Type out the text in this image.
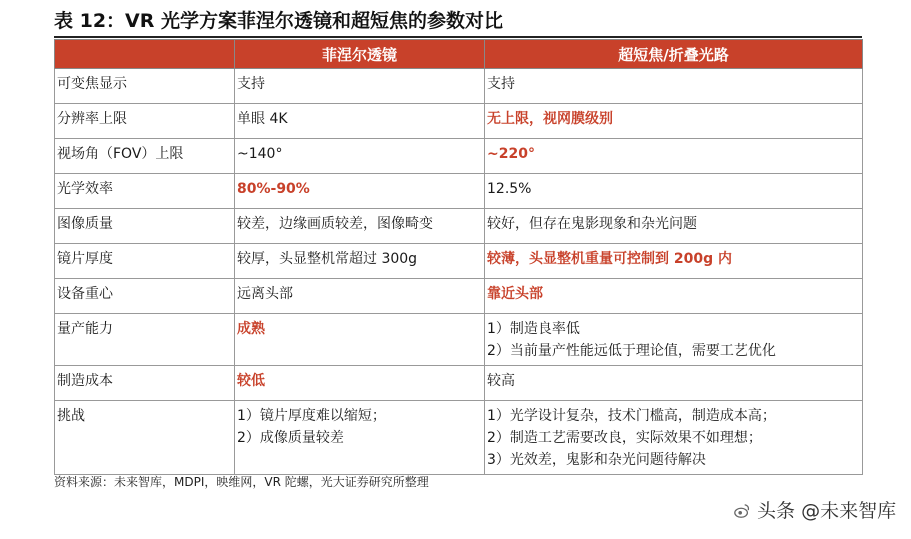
表 12：VR 光学方案菲涅尔透镜和超短焦的参数对比
	菲涅尔透镜	超短焦/折叠光路
可变焦显示	支持	支持

分辨率上限	单眼 4K	无上限，视网膜级别

视场角（FOV）上限	~140°	~220°

光学效率	80%-90%	12.5%

图像质量	较差，边缘画质较差，图像畸变	较好，但存在鬼影现象和杂光问题

镜片厚度	较厚，头显整机常超过 300g	较薄，头显整机重量可控制到 200g 内

设备重心	远离头部	靠近头部

量产能力	成熟	1）制造良率低
2）当前量产性能远低于理论值，需要工艺优化

制造成本	较低	较高

挑战	1）镜片厚度难以缩短；
2）成像质量较差	1）光学设计复杂，技术门槛高，制造成本高；
2）制造工艺需要改良，实际效果不如理想；
3）光效差，鬼影和杂光问题待解决
资料来源：未来智库，MDPI，映维网，VR 陀螺，光大证券研究所整理
头条 @未来智库
